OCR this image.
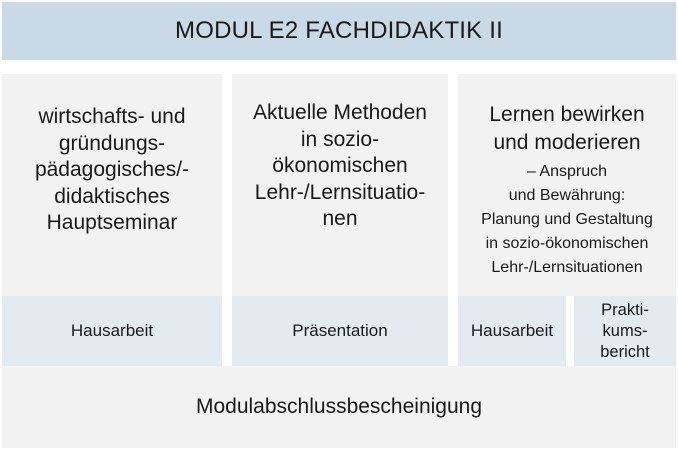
MODUL E2 FACHDIDAKTIK II
wirtschafts- und
gründungs-
pädagogisches/-
didaktisches
Hauptseminar
Aktuelle Methoden
in sozio-
ökonomischen
Lehr-/Lernsituatio-
nen
Lernen bewirken
und moderieren
– Anspruch
und Bewährung:
Planung und Gestaltung
in sozio-ökonomischen
Lehr-/Lernsituationen
Hausarbeit	Präsentation	Hausarbeit
Prakti-
kums-
bericht
Modulabschlussbescheinigung
